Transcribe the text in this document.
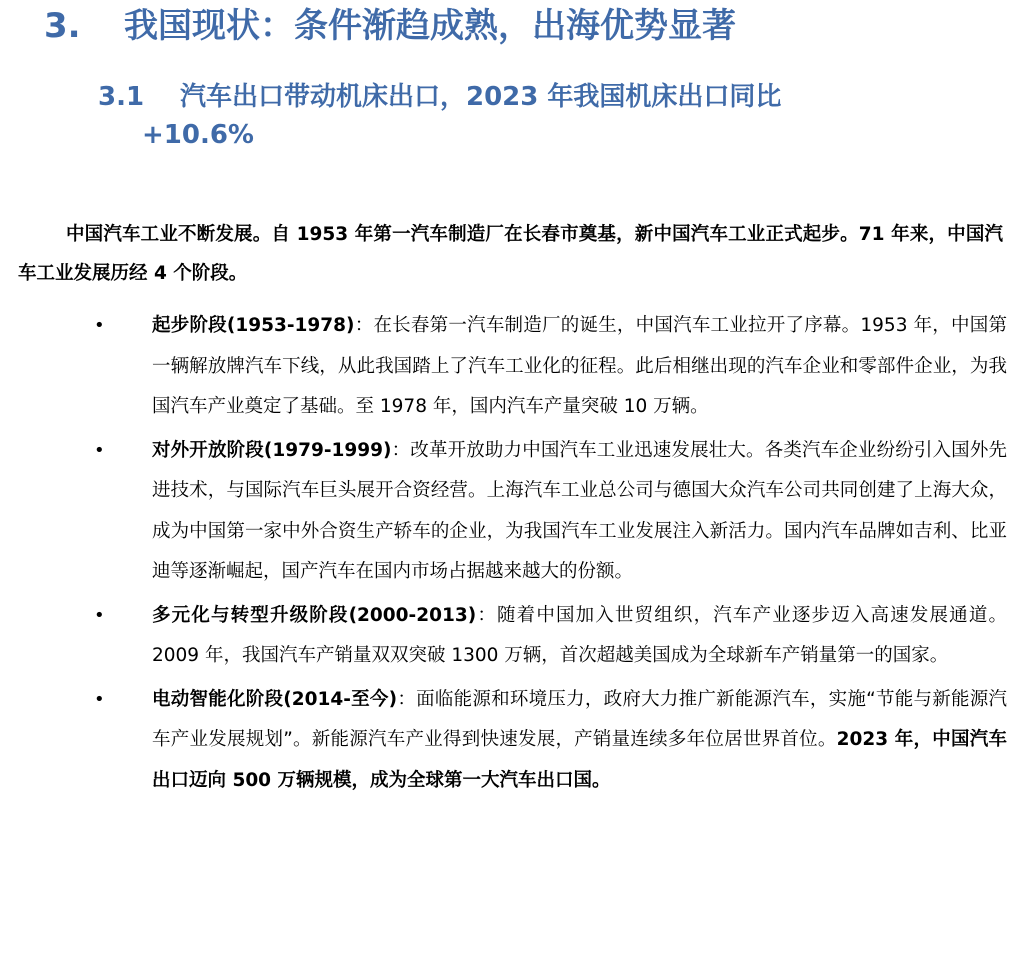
3. 我国现状：条件渐趋成熟，出海优势显著
3.1 汽车出口带动机床出口，2023 年我国机床出口同比
+10.6%

中国汽车工业不断发展。自 1953 年第一汽车制造厂在长春市奠基，新中国汽车工业正式起步。71 年来，中国汽车工业发展历经 4 个阶段。

•	起步阶段(1953-1978)：在长春第一汽车制造厂的诞生，中国汽车工业拉开了序幕。1953 年，中国第一辆解放牌汽车下线，从此我国踏上了汽车工业化的征程。此后相继出现的汽车企业和零部件企业，为我国汽车产业奠定了基础。至 1978 年，国内汽车产量突破 10 万辆。
•	对外开放阶段(1979-1999)：改革开放助力中国汽车工业迅速发展壮大。各类汽车企业纷纷引入国外先进技术，与国际汽车巨头展开合资经营。上海汽车工业总公司与德国大众汽车公司共同创建了上海大众，成为中国第一家中外合资生产轿车的企业，为我国汽车工业发展注入新活力。国内汽车品牌如吉利、比亚迪等逐渐崛起，国产汽车在国内市场占据越来越大的份额。
•	多元化与转型升级阶段(2000-2013)：随着中国加入世贸组织，汽车产业逐步迈入高速发展通道。2009 年，我国汽车产销量双双突破 1300 万辆，首次超越美国成为全球新车产销量第一的国家。
•	电动智能化阶段(2014-至今)：面临能源和环境压力，政府大力推广新能源汽车，实施“节能与新能源汽车产业发展规划”。新能源汽车产业得到快速发展，产销量连续多年位居世界首位。2023 年，中国汽车出口迈向 500 万辆规模，成为全球第一大汽车出口国。
